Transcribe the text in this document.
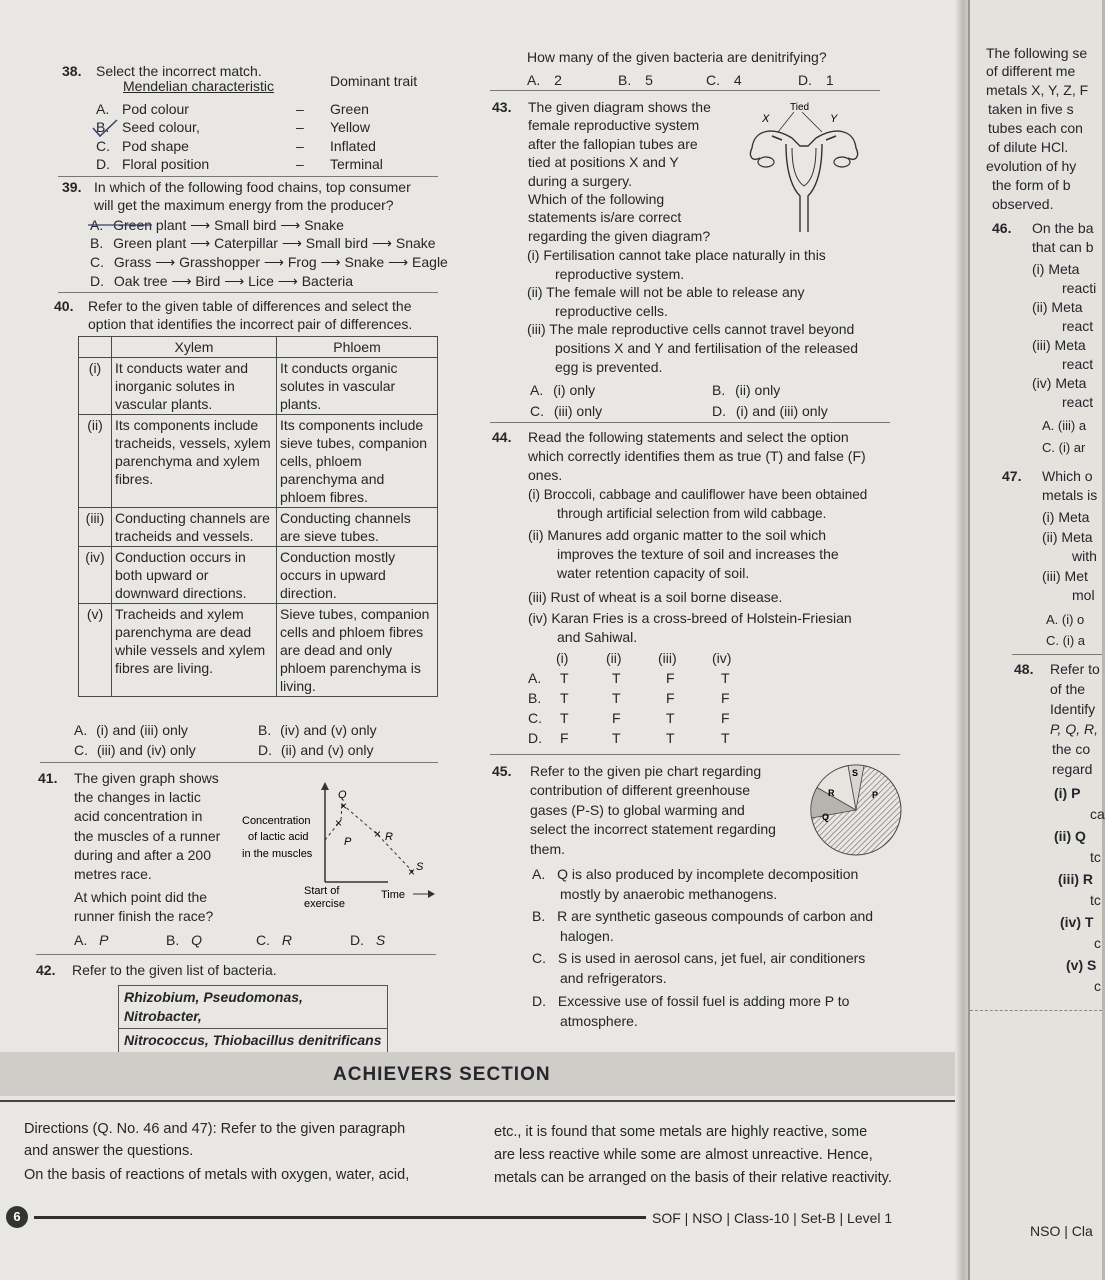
38. Select the incorrect match.
Mendelian characteristic	Dominant trait
A. Pod colour	– Green
B. Seed colour,	– Yellow
C. Pod shape	– Inflated
D. Floral position	– Terminal
39. In which of the following food chains, top consumer
will get the maximum energy from the producer?
A. Green plant ⟶ Small bird ⟶ Snake
B. Green plant ⟶ Caterpillar ⟶ Small bird ⟶ Snake
C. Grass ⟶ Grasshopper ⟶ Frog ⟶ Snake ⟶ Eagle
D. Oak tree ⟶ Bird ⟶ Lice ⟶ Bacteria
40. Refer to the given table of differences and select the
option that identifies the incorrect pair of differences.
	Xylem	Phloem
(i)	It conducts water and inorganic solutes in vascular plants.	It conducts organic solutes in vascular plants.
(ii)	Its components include tracheids, vessels, xylem parenchyma and xylem fibres.	Its components include sieve tubes, companion cells, phloem parenchyma and phloem fibres.
(iii)	Conducting channels are tracheids and vessels.	Conducting channels are sieve tubes.
(iv)	Conduction occurs in both upward or downward directions.	Conduction mostly occurs in upward direction.
(v)	Tracheids and xylem parenchyma are dead while vessels and xylem fibres are living.	Sieve tubes, companion cells and phloem fibres are dead and only phloem parenchyma is living.
A. (i) and (iii) only	B. (iv) and (v) only
C. (iii) and (iv) only	D. (ii) and (v) only
41. The given graph shows
the changes in lactic
acid concentration in
the muscles of a runner
during and after a 200
metres race.
At which point did the
runner finish the race?
×
×
×
×
Q
P	R
S
Concentration
of lactic acid
in the muscles
Start of
exercise
Time
A. P	B. Q	C. R	D. S
42. Refer to the given list of bacteria.
Rhizobium, Pseudomonas, Nitrobacter,
Nitrococcus, Thiobacillus denitrificans
How many of the given bacteria are denitrifying?
A. 2	B. 5	C. 4	D. 1
43. The given diagram shows the
female reproductive system
after the fallopian tubes are
tied at positions X and Y
during a surgery.
Which of the following
statements is/are correct
regarding the given diagram?
Tied
X	Y
(i) Fertilisation cannot take place naturally in this
reproductive system.
(ii) The female will not be able to release any
reproductive cells.
(iii) The male reproductive cells cannot travel beyond
positions X and Y and fertilisation of the released
egg is prevented.
A. (i) only	B. (ii) only
C. (iii) only	D. (i) and (iii) only
44. Read the following statements and select the option
which correctly identifies them as true (T) and false (F)
ones.
(i) Broccoli, cabbage and cauliflower have been obtained
through artificial selection from wild cabbage.
(ii) Manures add organic matter to the soil which
improves the texture of soil and increases the
water retention capacity of soil.
(iii) Rust of wheat is a soil borne disease.
(iv) Karan Fries is a cross-breed of Holstein-Friesian
and Sahiwal.
(i)	(ii)	(iii)	(iv)
A. T	T	F	T
B. T	T	F	F
C. T	F	T	F
D. F	T	T	T
45. Refer to the given pie chart regarding
contribution of different greenhouse
gases (P-S) to global warming and
select the incorrect statement regarding
them.
S
R
Q
P
A. Q is also produced by incomplete decomposition
mostly by anaerobic methanogens.
B. R are synthetic gaseous compounds of carbon and
halogen.
C. S is used in aerosol cans, jet fuel, air conditioners
and refrigerators.
D. Excessive use of fossil fuel is adding more P to
atmosphere.
ACHIEVERS SECTION
Directions (Q. No. 46 and 47): Refer to the given paragraph
and answer the questions.
On the basis of reactions of metals with oxygen, water, acid,
etc., it is found that some metals are highly reactive, some
are less reactive while some are almost unreactive. Hence,
metals can be arranged on the basis of their relative reactivity.
6	SOF | NSO | Class-10 | Set-B | Level 1
The following se
of different me
metals X, Y, Z, F
taken in five s
tubes each con
of dilute HCl.
evolution of hy
the form of b
observed.
46. On the ba
that can b
(i) Meta
reacti
(ii) Meta
react
(iii) Meta
react
(iv) Meta
react
A. (iii) a
C. (i) ar
47. Which o
metals is
(i) Meta
(ii) Meta
with
(iii) Met
mol
A. (i) o
C. (i) a
48. Refer to
of the
Identify
P, Q, R,
the co
regard
(i) P
ca
(ii) Q
tc
(iii) R
tc
(iv) T
c
(v) S
c
NSO | Cla
